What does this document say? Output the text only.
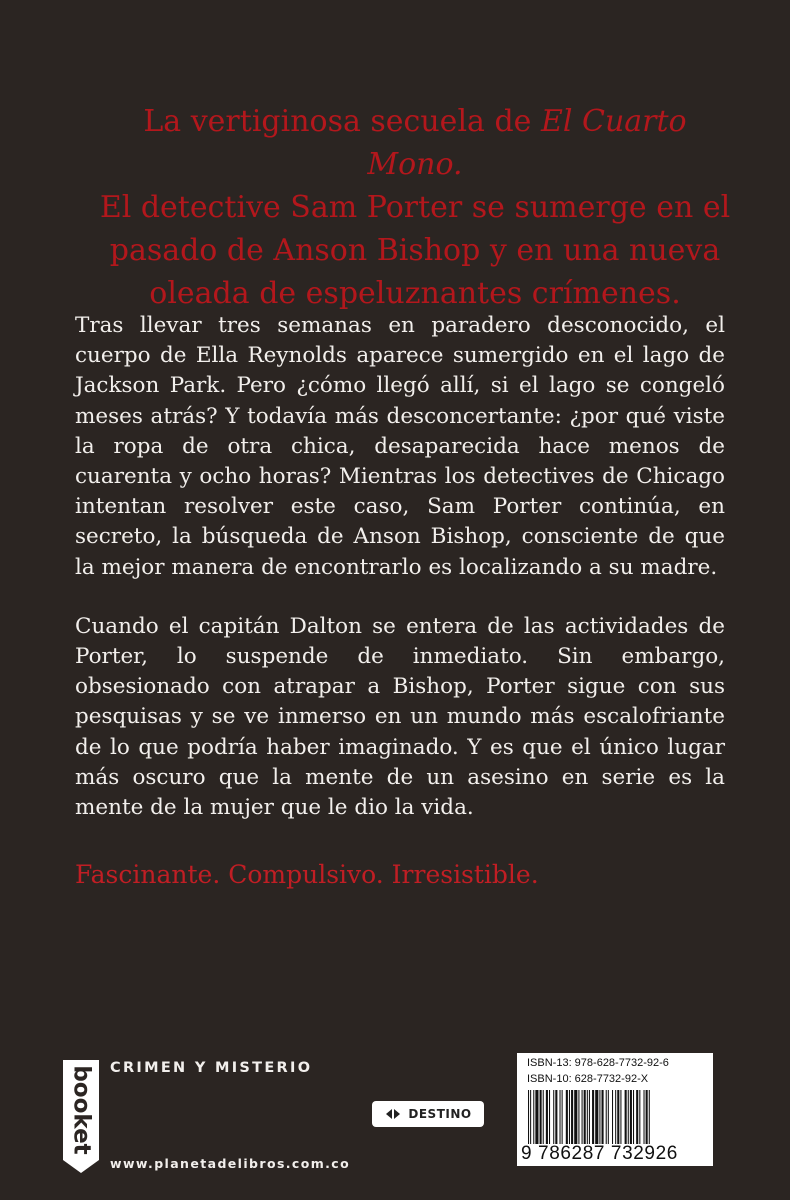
La vertiginosa secuela de El Cuarto Mono.
El detective Sam Porter se sumerge en el
pasado de Anson Bishop y en una nueva
oleada de espeluznantes crímenes.

Tras llevar tres semanas en paradero desconocido, el cuerpo de Ella Reynolds aparece sumergido en el lago de Jackson Park. Pero ¿cómo llegó allí, si el lago se congeló meses atrás? Y todavía más desconcertante: ¿por qué viste la ropa de otra chica, desaparecida hace menos de cuarenta y ocho horas? Mientras los detectives de Chicago intentan resolver este caso, Sam Porter continúa, en secreto, la búsqueda de Anson Bishop, consciente de que la mejor manera de encontrarlo es localizando a su madre.

Cuando el capitán Dalton se entera de las actividades de Porter, lo suspende de inmediato. Sin embargo, obsesionado con atrapar a Bishop, Porter sigue con sus pesquisas y se ve inmerso en un mundo más escalofriante de lo que podría haber imaginado. Y es que el único lugar más oscuro que la mente de un asesino en serie es la mente de la mujer que le dio la vida.

Fascinante. Compulsivo. Irresistible.
booket CRIMEN Y MISTERIO
www.planetadelibros.com.co
DESTINO
ISBN-13: 978-628-7732-92-6
ISBN-10: 628-7732-92-X
9 786287 732926
